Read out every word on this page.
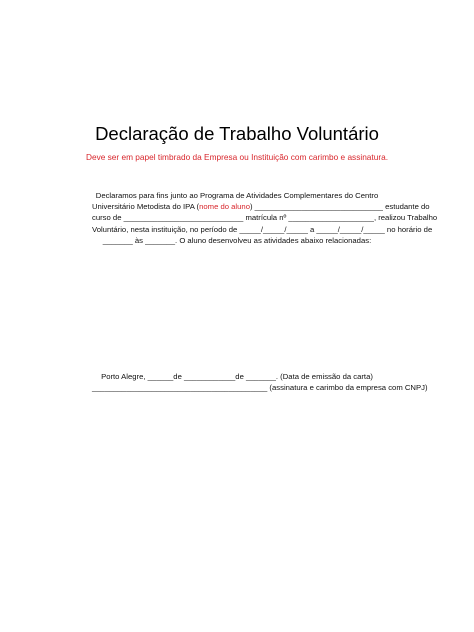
Declaração de Trabalho Voluntário
Deve ser em papel timbrado da Empresa ou Instituição com carimbo e assinatura.
Declaramos para fins junto ao Programa de Atividades Complementares do Centro
Universitário Metodista do IPA (nome do aluno) ______________________________ estudante do
curso de ____________________________ matrícula nº ____________________, realizou Trabalho
Voluntário, nesta instituição, no período de _____/_____/_____ a _____/_____/_____ no horário de
_______ às _______. O aluno desenvolveu as atividades abaixo relacionadas:
Porto Alegre, ______de ____________de _______. (Data de emissão da carta)
_________________________________________ (assinatura e carimbo da empresa com CNPJ)
